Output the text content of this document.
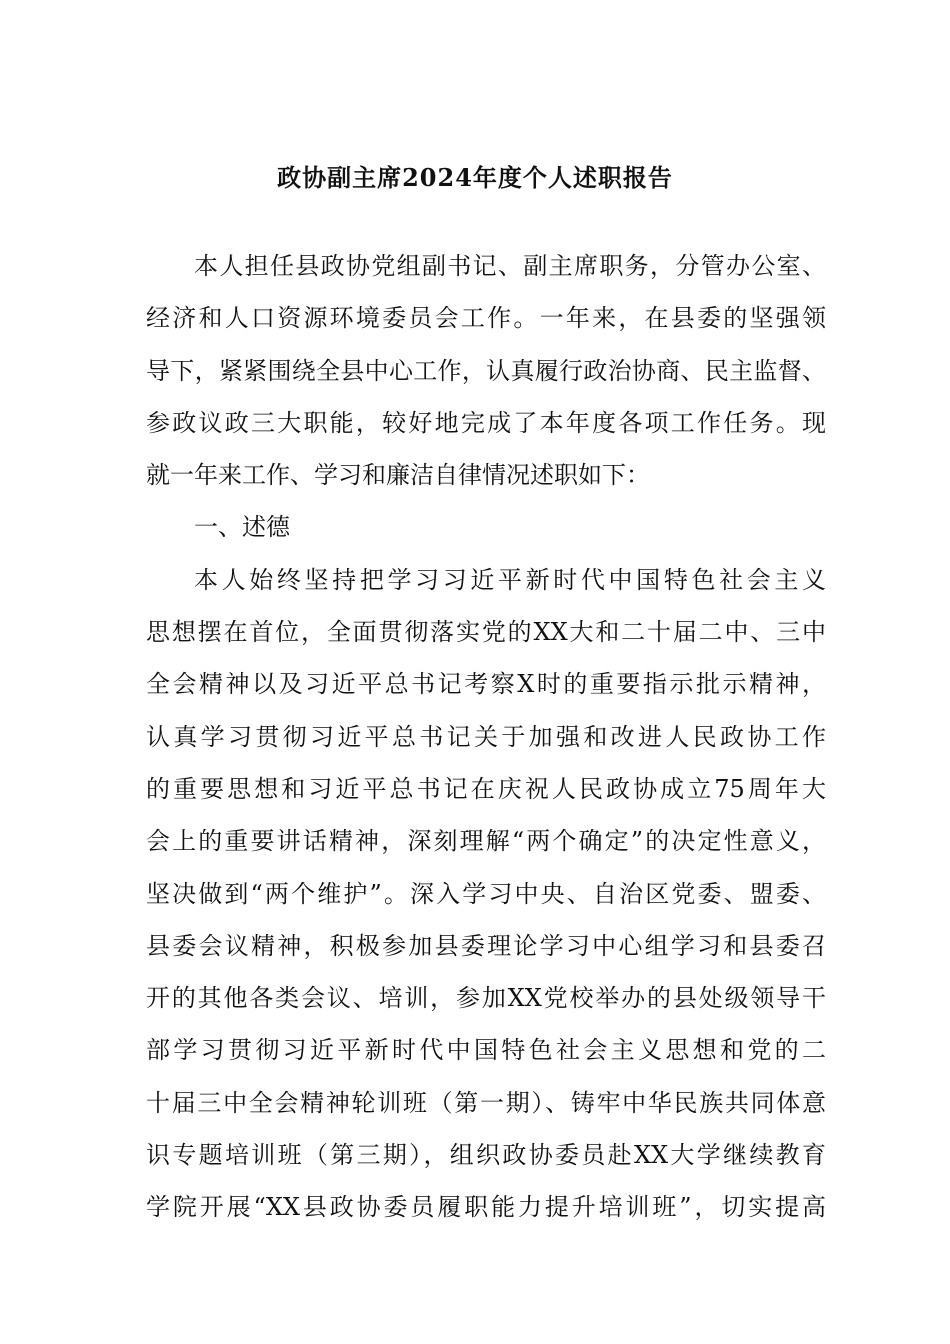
政协副主席2024年度个人述职报告
本人担任县政协党组副书记、副主席职务，分管办公室、
经济和人口资源环境委员会工作。一年来，在县委的坚强领
导下，紧紧围绕全县中心工作，认真履行政治协商、民主监督、
参政议政三大职能，较好地完成了本年度各项工作任务。现
就一年来工作、学习和廉洁自律情况述职如下：
一、述德
本人始终坚持把学习习近平新时代中国特色社会主义
思想摆在首位，全面贯彻落实党的XX大和二十届二中、三中
全会精神以及习近平总书记考察X时的重要指示批示精神，
认真学习贯彻习近平总书记关于加强和改进人民政协工作
的重要思想和习近平总书记在庆祝人民政协成立75周年大
会上的重要讲话精神，深刻理解“两个确定”的决定性意义，
坚决做到“两个维护”。深入学习中央、自治区党委、盟委、
县委会议精神，积极参加县委理论学习中心组学习和县委召
开的其他各类会议、培训，参加XX党校举办的县处级领导干
部学习贯彻习近平新时代中国特色社会主义思想和党的二
十届三中全会精神轮训班（第一期）、铸牢中华民族共同体意
识专题培训班（第三期），组织政协委员赴XX大学继续教育
学院开展“XX县政协委员履职能力提升培训班”，切实提高
